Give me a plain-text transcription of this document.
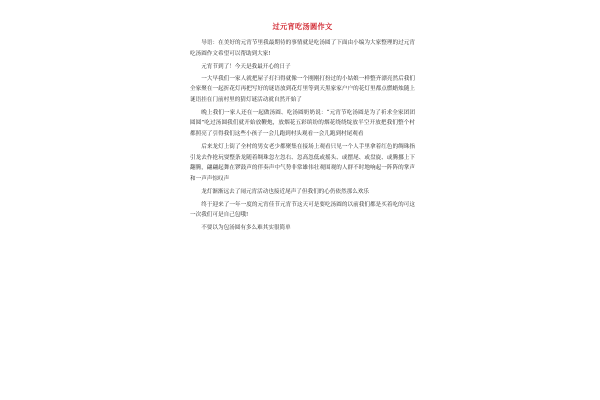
过元宵吃汤圆作文

导语：在美好的元宵节里我最期待的事情就是吃汤圆了下面由小编为大家整理的过元宵吃汤圆作文希望可以帮助到大家!

元宵节到了！今天是我最开心的日子

一大早我们一家人就把屋子打扫得就像一个刚刚打扮过的小姑娘一样整齐漂亮然后我们全家聚在一起折花灯再把写好的谜语放到花灯里等到天黑家家户户的花灯里都点燃蜡烛随上谜语挂在门前村里的猜灯谜活动就自然开始了

晚上我们一家人还在一起做汤圆、吃汤圆奶奶说：“元宵节吃汤圆是为了祈求全家团团圆圆”吃过汤圆我们就开始放鞭炮，放烟花五彩缤纷的烟花绕绕绽放半空开放把我们整个村都照亮了引得我们这些小孩子一会儿跑到村头观看一会儿跑到村尾观看

后来龙灯上街了全村的男女老少都聚集在接场上观看只见一个人手里拿着红色的绸珠指引龙去作抢玩耍整条龙随着绸珠忽左忽右、忽高忽低或摇头、或摆尾、或盘旋、或腾挪上下翻腾，翩翩起舞在锣鼓声的伴奏声中气势非常雄伟壮观围观的人群不时地响起一阵阵的掌声和一声声惊叹声

龙灯渐渐远去了闹元宵活动也接近尾声了但我们的心仍依然那么欢乐

终于迎来了一年一度的元宵佳节元宵节这天可是要吃汤圆的以前我们都是买着吃的可这一次我们可是自己包哦!

不要以为包汤圆有多么难其实很简单
